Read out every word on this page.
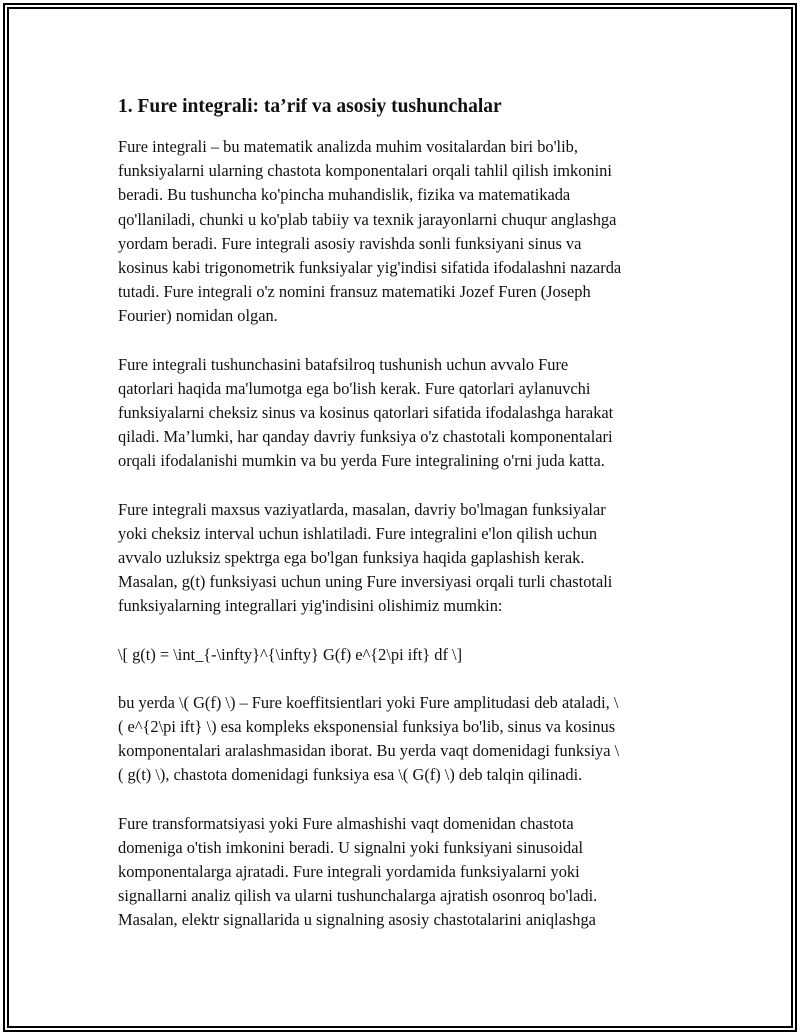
1. Fure integrali: ta’rif va asosiy tushunchalar

Fure integrali – bu matematik analizda muhim vositalardan biri bo'lib,
funksiyalarni ularning chastota komponentalari orqali tahlil qilish imkonini
beradi. Bu tushuncha ko'pincha muhandislik, fizika va matematikada
qo'llaniladi, chunki u ko'plab tabiiy va texnik jarayonlarni chuqur anglashga
yordam beradi. Fure integrali asosiy ravishda sonli funksiyani sinus va
kosinus kabi trigonometrik funksiyalar yig'indisi sifatida ifodalashni nazarda
tutadi. Fure integrali o'z nomini fransuz matematiki Jozef Furen (Joseph
Fourier) nomidan olgan.

Fure integrali tushunchasini batafsilroq tushunish uchun avvalo Fure
qatorlari haqida ma'lumotga ega bo'lish kerak. Fure qatorlari aylanuvchi
funksiyalarni cheksiz sinus va kosinus qatorlari sifatida ifodalashga harakat
qiladi. Ma’lumki, har qanday davriy funksiya o'z chastotali komponentalari
orqali ifodalanishi mumkin va bu yerda Fure integralining o'rni juda katta.

Fure integrali maxsus vaziyatlarda, masalan, davriy bo'lmagan funksiyalar
yoki cheksiz interval uchun ishlatiladi. Fure integralini e'lon qilish uchun
avvalo uzluksiz spektrga ega bo'lgan funksiya haqida gaplashish kerak.
Masalan, g(t) funksiyasi uchun uning Fure inversiyasi orqali turli chastotali
funksiyalarning integrallari yig'indisini olishimiz mumkin:

\[ g(t) = \int_{-\infty}^{\infty} G(f) e^{2\pi ift} df \]

bu yerda \( G(f) \) – Fure koeffitsientlari yoki Fure amplitudasi deb ataladi, \
( e^{2\pi ift} \) esa kompleks eksponensial funksiya bo'lib, sinus va kosinus
komponentalari aralashmasidan iborat. Bu yerda vaqt domenidagi funksiya \
( g(t) \), chastota domenidagi funksiya esa \( G(f) \) deb talqin qilinadi.

Fure transformatsiyasi yoki Fure almashishi vaqt domenidan chastota
domeniga o'tish imkonini beradi. U signalni yoki funksiyani sinusoidal
komponentalarga ajratadi. Fure integrali yordamida funksiyalarni yoki
signallarni analiz qilish va ularni tushunchalarga ajratish osonroq bo'ladi.
Masalan, elektr signallarida u signalning asosiy chastotalarini aniqlashga
